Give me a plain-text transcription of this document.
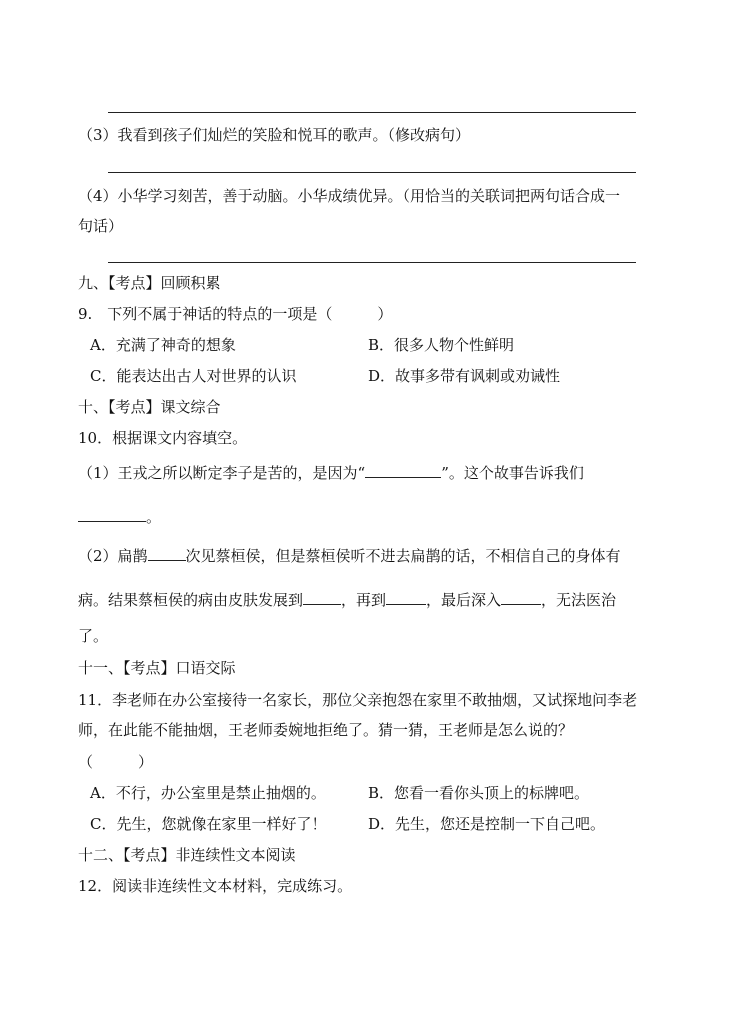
（3）我看到孩子们灿烂的笑脸和悦耳的歌声。（修改病句）
（4）小华学习刻苦，善于动脑。小华成绩优异。（用恰当的关联词把两句话合成一
句话）
九、【考点】回顾积累
9.　下列不属于神话的特点的一项是（　　　）
A．充满了神奇的想象	B．很多人物个性鲜明
C．能表达出古人对世界的认识	D．故事多带有讽刺或劝诫性
十、【考点】课文综合
10．根据课文内容填空。
（1）王戎之所以断定李子是苦的，是因为“	”。这个故事告诉我们
。
（2）扁鹊	次见蔡桓侯，但是蔡桓侯听不进去扁鹊的话，不相信自己的身体有
病。结果蔡桓侯的病由皮肤发展到	，再到	，最后深入	，无法医治
了。
十一、【考点】口语交际
11．李老师在办公室接待一名家长，那位父亲抱怨在家里不敢抽烟，又试探地问李老
师，在此能不能抽烟，王老师委婉地拒绝了。猜一猜，王老师是怎么说的？
（　　　）
A．不行，办公室里是禁止抽烟的。	B．您看一看你头顶上的标牌吧。
C．先生，您就像在家里一样好了！	D．先生，您还是控制一下自己吧。
十二、【考点】非连续性文本阅读
12．阅读非连续性文本材料，完成练习。
